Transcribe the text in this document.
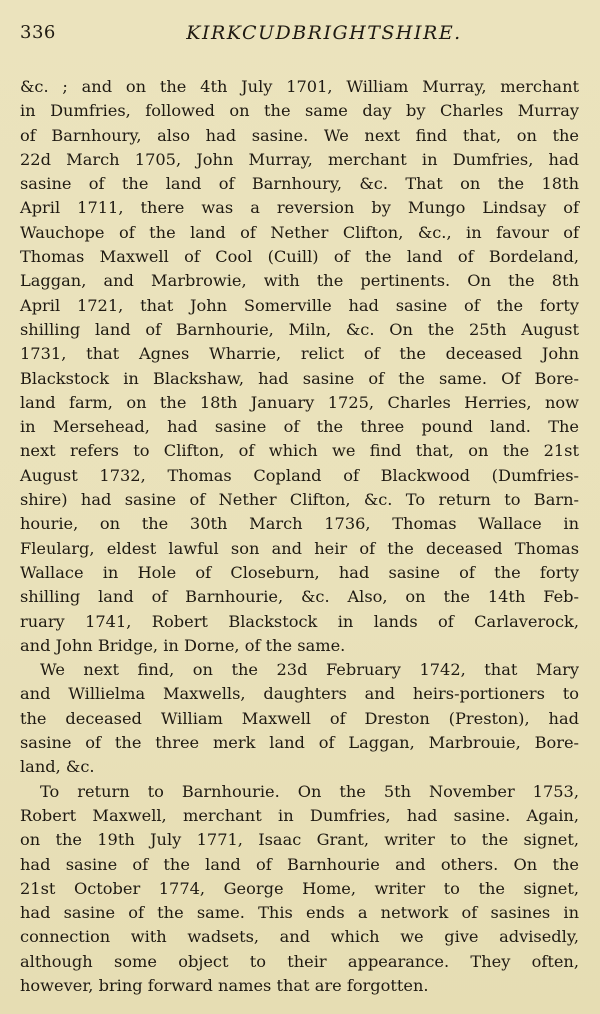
336	KIRKCUDBRIGHTSHIRE.
&c. ; and on the 4th July 1701, William Murray, merchant
in Dumfries, followed on the same day by Charles Murray
of Barnhoury, also had sasine. We next find that, on the
22d March 1705, John Murray, merchant in Dumfries, had
sasine of the land of Barnhoury, &c. That on the 18th
April 1711, there was a reversion by Mungo Lindsay of
Wauchope of the land of Nether Clifton, &c., in favour of
Thomas Maxwell of Cool (Cuill) of the land of Bordeland,
Laggan, and Marbrowie, with the pertinents. On the 8th
April 1721, that John Somerville had sasine of the forty
shilling land of Barnhourie, Miln, &c. On the 25th August
1731, that Agnes Wharrie, relict of the deceased John
Blackstock in Blackshaw, had sasine of the same. Of Bore-
land farm, on the 18th January 1725, Charles Herries, now
in Mersehead, had sasine of the three pound land. The
next refers to Clifton, of which we find that, on the 21st
August 1732, Thomas Copland of Blackwood (Dumfries-
shire) had sasine of Nether Clifton, &c. To return to Barn-
hourie, on the 30th March 1736, Thomas Wallace in
Fleularg, eldest lawful son and heir of the deceased Thomas
Wallace in Hole of Closeburn, had sasine of the forty
shilling land of Barnhourie, &c. Also, on the 14th Feb-
ruary 1741, Robert Blackstock in lands of Carlaverock,
and John Bridge, in Dorne, of the same.
We next find, on the 23d February 1742, that Mary
and Willielma Maxwells, daughters and heirs-portioners to
the deceased William Maxwell of Dreston (Preston), had
sasine of the three merk land of Laggan, Marbrouie, Bore-
land, &c.
To return to Barnhourie. On the 5th November 1753,
Robert Maxwell, merchant in Dumfries, had sasine. Again,
on the 19th July 1771, Isaac Grant, writer to the signet,
had sasine of the land of Barnhourie and others. On the
21st October 1774, George Home, writer to the signet,
had sasine of the same. This ends a network of sasines in
connection with wadsets, and which we give advisedly,
although some object to their appearance. They often,
however, bring forward names that are forgotten.
